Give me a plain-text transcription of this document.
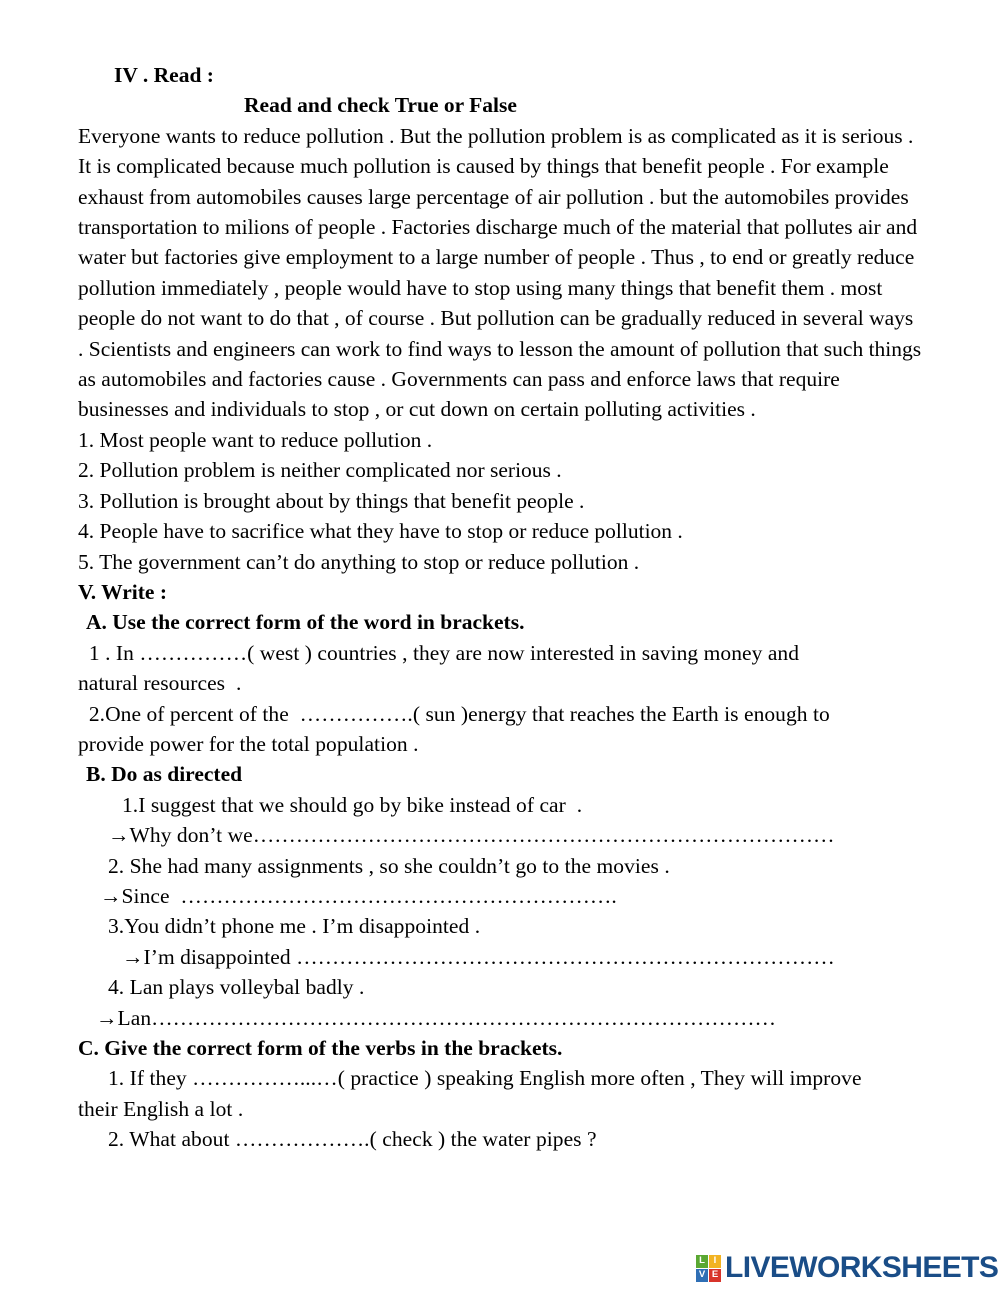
IV . Read :
Read and check True or False
Everyone wants to reduce pollution . But the pollution problem is as complicated as it is serious . It is complicated because much pollution is caused by things that benefit people . For example exhaust from automobiles causes large percentage of air pollution . but the automobiles provides transportation to milions of people . Factories discharge much of the material that pollutes air and water but factories give employment to a large number of people . Thus , to end or greatly reduce pollution immediately , people would have to stop using many things that benefit them . most people do not want to do that , of course . But pollution can be gradually reduced in several ways . Scientists and engineers can work to find ways to lesson the amount of pollution that such things as automobiles and factories cause . Governments can pass and enforce laws that require businesses and individuals to stop , or cut down on certain polluting activities .
1. Most people want to reduce pollution .
2. Pollution problem is neither complicated nor serious .
3. Pollution is brought about by things that benefit people .
4. People have to sacrifice what they have to stop or reduce pollution .
5. The government can’t do anything to stop or reduce pollution .
V. Write :
A. Use the correct form of the word in brackets.
1 . In ……………( west ) countries , they are now interested in saving money and
natural resources  .
2.One of percent of the  …………….( sun )energy that reaches the Earth is enough to
provide power for the total population .
B. Do as directed
1.I suggest that we should go by bike instead of car  .
→Why don’t we………………………………………………………………………
2. She had many assignments , so she couldn’t go to the movies .
→Since  …………………………………………………….
3.You didn’t phone me . I’m disappointed .
→I’m disappointed …………………………………………………………………
4. Lan plays volleybal badly .
→Lan……………………………………………………………………………
C. Give the correct form of the verbs in the brackets.
1. If they ……………...…( practice ) speaking English more often , They will improve
their English a lot .
2. What about ……………….( check ) the water pipes ?
L I
V E LIVEWORKSHEETS
